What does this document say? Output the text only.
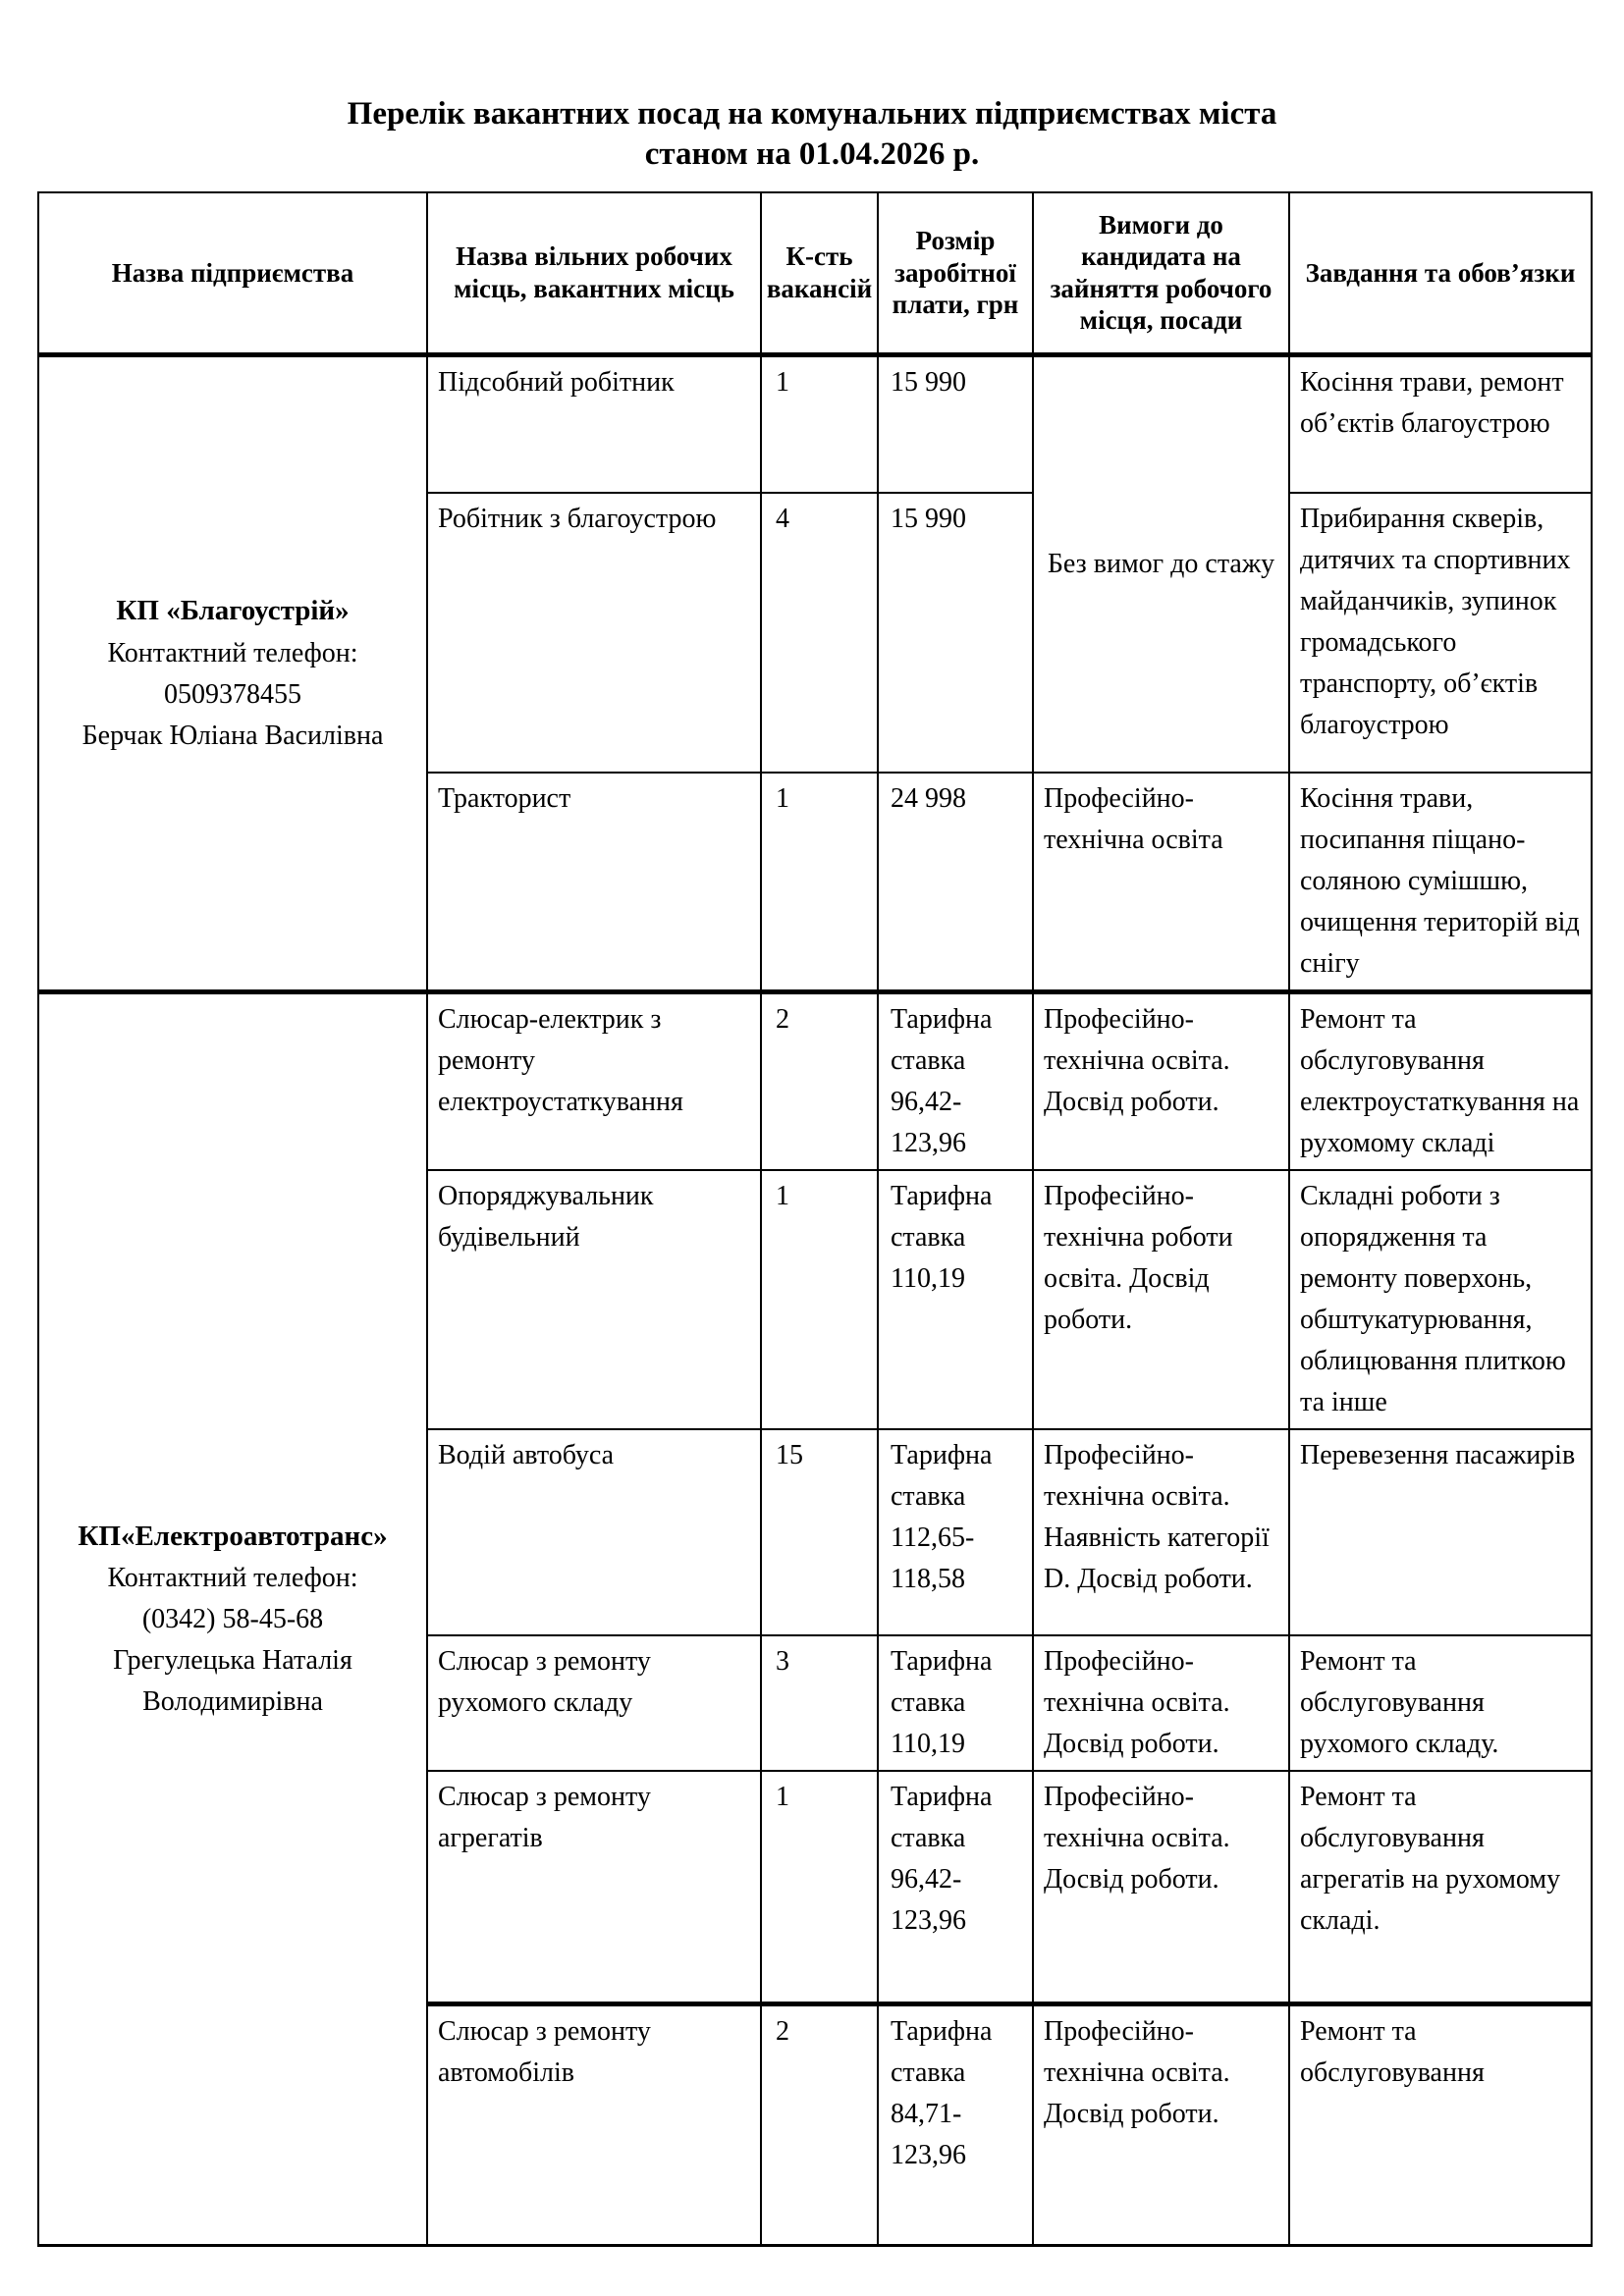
Перелік вакантних посад на комунальних підприємствах міста
станом на 01.04.2026 р.
Назва підприємства	Назва вільних робочих місць, вакантних місць	К-сть вакансій	Розмір заробітної плати, грн	Вимоги до кандидата на зайняття робочого місця, посади	Завдання та обов’язки

КП «Благоустрій»
Контактний телефон:
0509378455
Берчак Юліана Василівна	Підсобний робітник	1	15 990	Без вимог до стажу	Косіння трави, ремонт об’єктів благоустрою
	Робітник з благоустрою	4	15 990		Прибирання скверів, дитячих та спортивних майданчиків, зупинок громадського транспорту, об’єктів благоустрою
	Тракторист	1	24 998	Професійно-технічна освіта	Косіння трави, посипання піщано-соляною сумішшю, очищення територій від снігу

КП«Електроавтотранс»
Контактний телефон:
(0342) 58-45-68
Грегулецька Наталія Володимирівна	Слюсар-електрик з ремонту електроустаткування	2	Тарифна ставка 96,42-123,96	Професійно-технічна освіта. Досвід роботи.	Ремонт та обслуговування електроустаткування на рухомому складі
	Опоряджувальник будівельний	1	Тарифна ставка 110,19	Професійно-технічна роботи освіта. Досвід роботи.	Складні роботи з опорядження та ремонту поверхонь, обштукатурювання, облицювання плиткою та інше
	Водій автобуса	15	Тарифна ставка 112,65-118,58	Професійно-технічна освіта. Наявність категорії D. Досвід роботи.	Перевезення пасажирів
	Слюсар з ремонту рухомого складу	3	Тарифна ставка 110,19	Професійно-технічна освіта. Досвід роботи.	Ремонт та обслуговування рухомого складу.
	Слюсар з ремонту агрегатів	1	Тарифна ставка 96,42-123,96	Професійно-технічна освіта. Досвід роботи.	Ремонт та обслуговування агрегатів на рухомому складі.
	Слюсар з ремонту автомобілів	2	Тарифна ставка 84,71-123,96	Професійно-технічна освіта. Досвід роботи.	Ремонт та обслуговування
